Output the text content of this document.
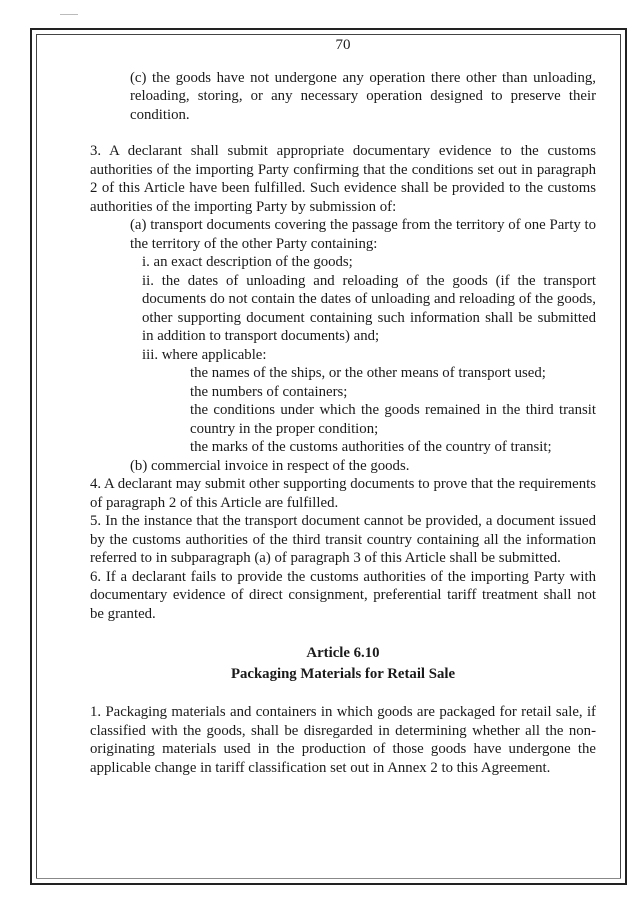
70

(c) the goods have not undergone any operation there other than unloading, reloading, storing, or any necessary operation designed to preserve their condition.

3. A declarant shall submit appropriate documentary evidence to the customs authorities of the importing Party confirming that the conditions set out in paragraph 2 of this Article have been fulfilled. Such evidence shall be provided to the customs authorities of the importing Party by submission of:

(a) transport documents covering the passage from the territory of one Party to the territory of the other Party containing:

i. an exact description of the goods;

ii. the dates of unloading and reloading of the goods (if the transport documents do not contain the dates of unloading and reloading of the goods, other supporting document containing such information shall be submitted in addition to transport documents) and;

iii. where applicable:

the names of the ships, or the other means of transport used;

the numbers of containers;

the conditions under which the goods remained in the third transit country in the proper condition;

the marks of the customs authorities of the country of transit;

(b) commercial invoice in respect of the goods.

4. A declarant may submit other supporting documents to prove that the requirements of paragraph 2 of this Article are fulfilled.

5. In the instance that the transport document cannot be provided, a document issued by the customs authorities of the third transit country containing all the information referred to in subparagraph (a) of paragraph 3 of this Article shall be submitted.

6. If a declarant fails to provide the customs authorities of the importing Party with documentary evidence of direct consignment, preferential tariff treatment shall not be granted.

Article 6.10
Packaging Materials for Retail Sale

1. Packaging materials and containers in which goods are packaged for retail sale, if classified with the goods, shall be disregarded in determining whether all the non-originating materials used in the production of those goods have undergone the applicable change in tariff classification set out in Annex 2 to this Agreement.
